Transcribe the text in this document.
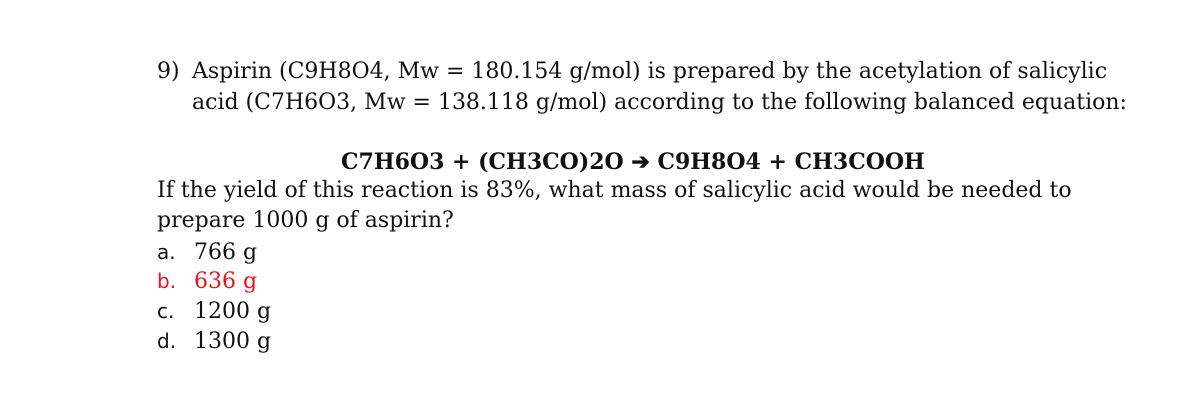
9) Aspirin (C9H8O4, Mw = 180.154 g/mol) is prepared by the acetylation of salicylic
acid (C7H6O3, Mw = 138.118 g/mol) according to the following balanced equation:
C7H6O3 + (CH3CO)2O ➔ C9H8O4 + CH3COOH
If the yield of this reaction is 83%, what mass of salicylic acid would be needed to
prepare 1000 g of aspirin?
a. 766 g
b. 636 g
c. 1200 g
d. 1300 g
